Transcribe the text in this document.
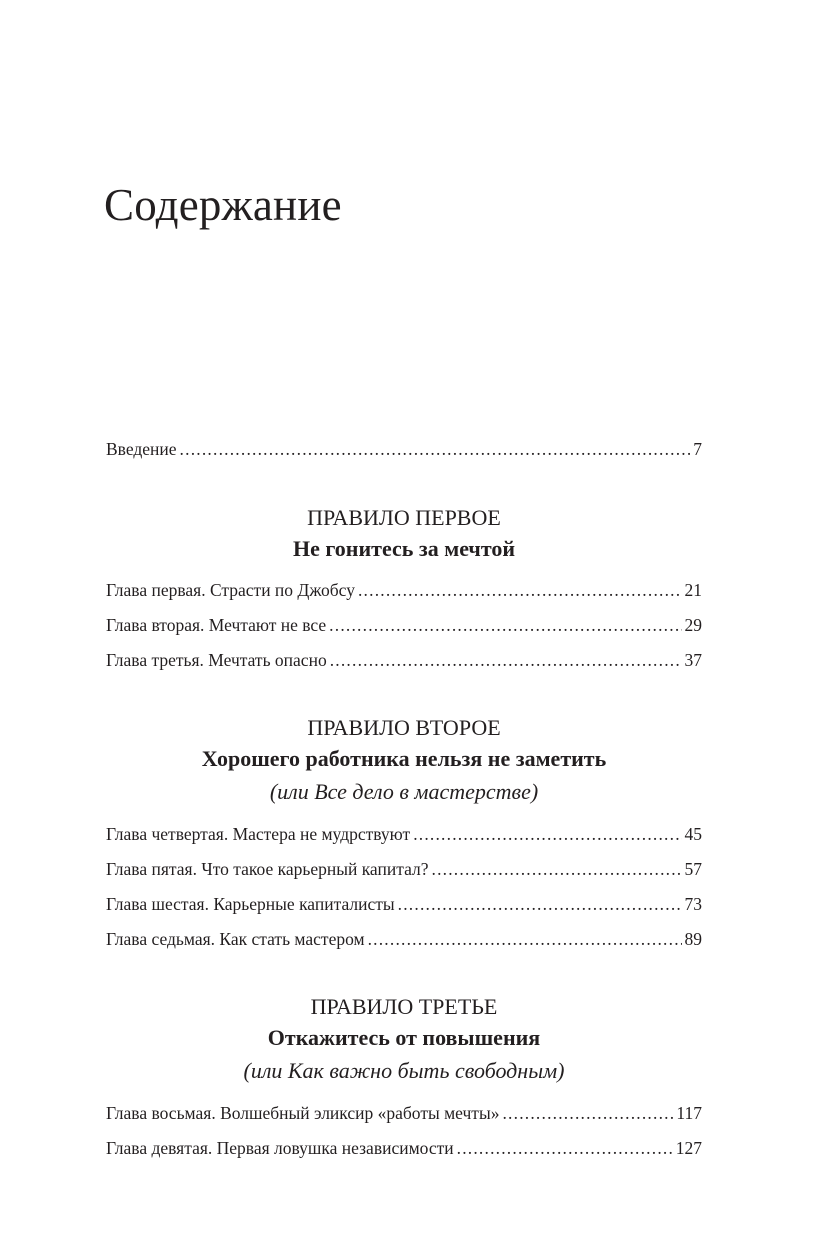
Содержание
Введение .....	7
ПРАВИЛО ПЕРВОЕ
Не гонитесь за мечтой
Глава первая. Страсти по Джобсу .....	21
Глава вторая. Мечтают не все .....	29
Глава третья. Мечтать опасно .....	37
ПРАВИЛО ВТОРОЕ
Хорошего работника нельзя не заметить
(или Все дело в мастерстве)
Глава четвертая. Мастера не мудрствуют .....	45
Глава пятая. Что такое карьерный капитал? .....	57
Глава шестая. Карьерные капиталисты .....	73
Глава седьмая. Как стать мастером .....	89
ПРАВИЛО ТРЕТЬЕ
Откажитесь от повышения
(или Как важно быть свободным)
Глава восьмая. Волшебный эликсир «работы мечты» .....	117
Глава девятая. Первая ловушка независимости .....	127
